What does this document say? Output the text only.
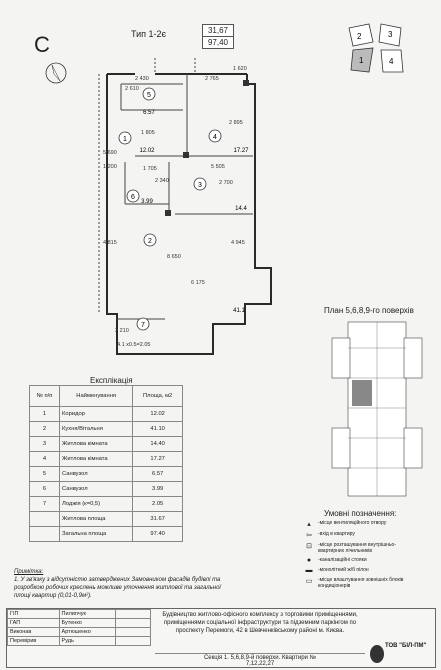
С	Тип 1-2є	31,67
97,40
2	3
1	4
5
1	4
6
3
2
7
6.57
12.02	17.27
3.99
14.4
41.1
2 430	2 765
1 620
2 610
1 805
2 895
5 690
1 200	1 705	5 505
2 340	2 700
4 815
8 650
4 945
6 175
3 210
4.1 х0.5=2.05
План 5,6,8,9-го поверхів
Експлікація
№ п/п	Найменування	Площа, м2
1	Коридор	12.02
2	Кухня/Вітальня	41.10
3	Житлова кімната	14.40
4	Житлова кімната	17.27
5	Санвузол	6.57
6	Санвузол	3.99
7	Лоджія (к=0,5)	2.05
	Житлова площа	31.67
	Загальна площа	97.40
Умовні позначення:
▴	-місце вентиляційного отвору
⇦	-вхід в квартиру
⊡	-місце розташування внутрішньо-квартирних лічильників
●	-каналізаційні стояки
▬	-монолітний ж/б пілон
▭	-місце влаштування зовнішніх блоків кондиціонерів
Примітка:
1. У зв'язку з відсутністю затверджених Замовником фасадів будівлі та розробкою робочих креслень можливе уточнення житлової та загальної площі квартир (0,01-0,9м²).
ГІП	Пилипчук	
ГАП	Бутенко	
Виконав	Артюшенко	
Перевірив	Рудь	
Будівництво житлово-офісного комплексу з торговими приміщеннями, приміщеннями соціальної інфраструктури та підземним паркінгом по проспекту Перемоги, 42 в Шевченківському районі м. Києва.
Секція 1. 5,6,8,9-й поверхи. Квартири №
7,12,22,27
ТОВ "БІЛ-ПМ"
